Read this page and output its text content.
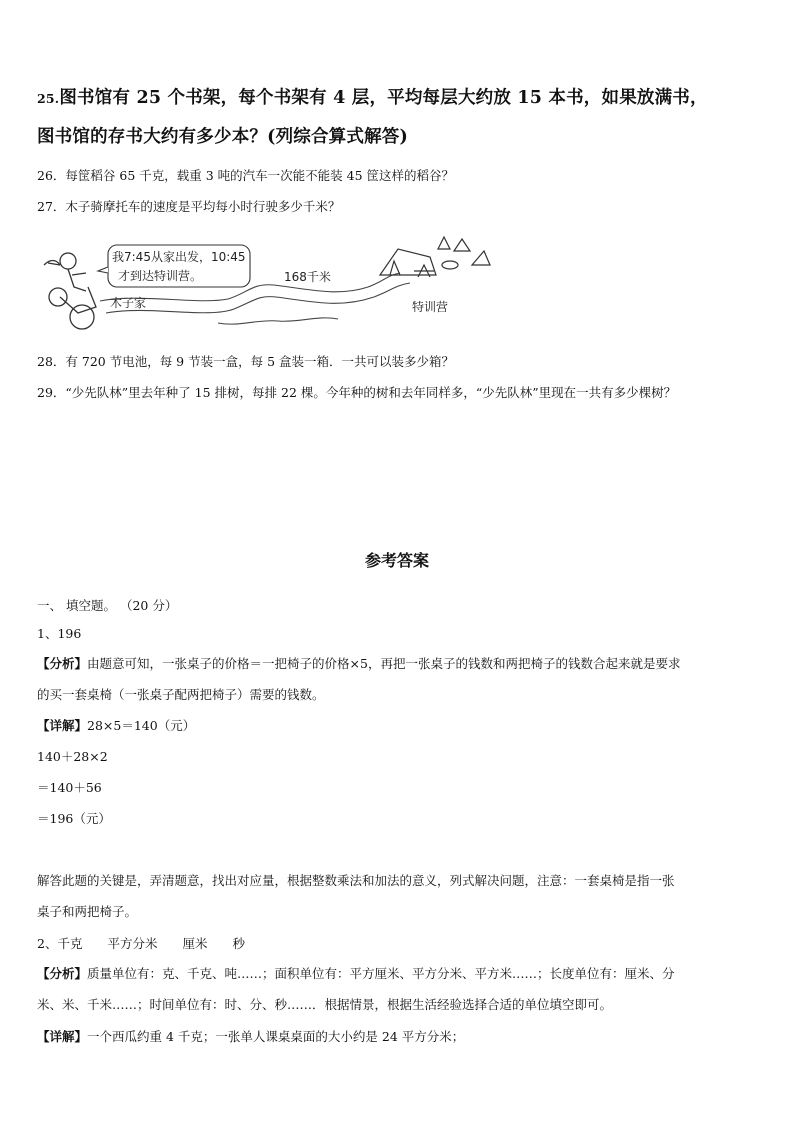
25.图书馆有 25 个书架，每个书架有 4 层，平均每层大约放 15 本书，如果放满书，
图书馆的存书大约有多少本？(列综合算式解答)
26．每筐稻谷 65 千克，载重 3 吨的汽车一次能不能装 45 筐这样的稻谷？
27．木子骑摩托车的速度是平均每小时行驶多少千米？
我7:45从家出发，10:45
才到达特训营。	168千米
木子家	特训营
28．有 720 节电池，每 9 节装一盒，每 5 盒装一箱．一共可以装多少箱？
29．“少先队林”里去年种了 15 排树，每排 22 棵。今年种的树和去年同样多，“少先队林”里现在一共有多少棵树？
参考答案
一、 填空题。 （20 分）
1、196
【分析】由题意可知，一张桌子的价格＝一把椅子的价格×5，再把一张桌子的钱数和两把椅子的钱数合起来就是要求
的买一套桌椅（一张桌子配两把椅子）需要的钱数。
【详解】28×5＝140（元）
140＋28×2
＝140＋56
＝196（元）
解答此题的关键是，弄清题意，找出对应量，根据整数乘法和加法的意义，列式解决问题，注意：一套桌椅是指一张
桌子和两把椅子。
2、千克　　平方分米　　厘米　　秒
【分析】质量单位有：克、千克、吨……；面积单位有：平方厘米、平方分米、平方米……；长度单位有：厘米、分
米、米、千米……；时间单位有：时、分、秒……．根据情景，根据生活经验选择合适的单位填空即可。
【详解】一个西瓜约重 4 千克；一张单人课桌桌面的大小约是 24 平方分米；
